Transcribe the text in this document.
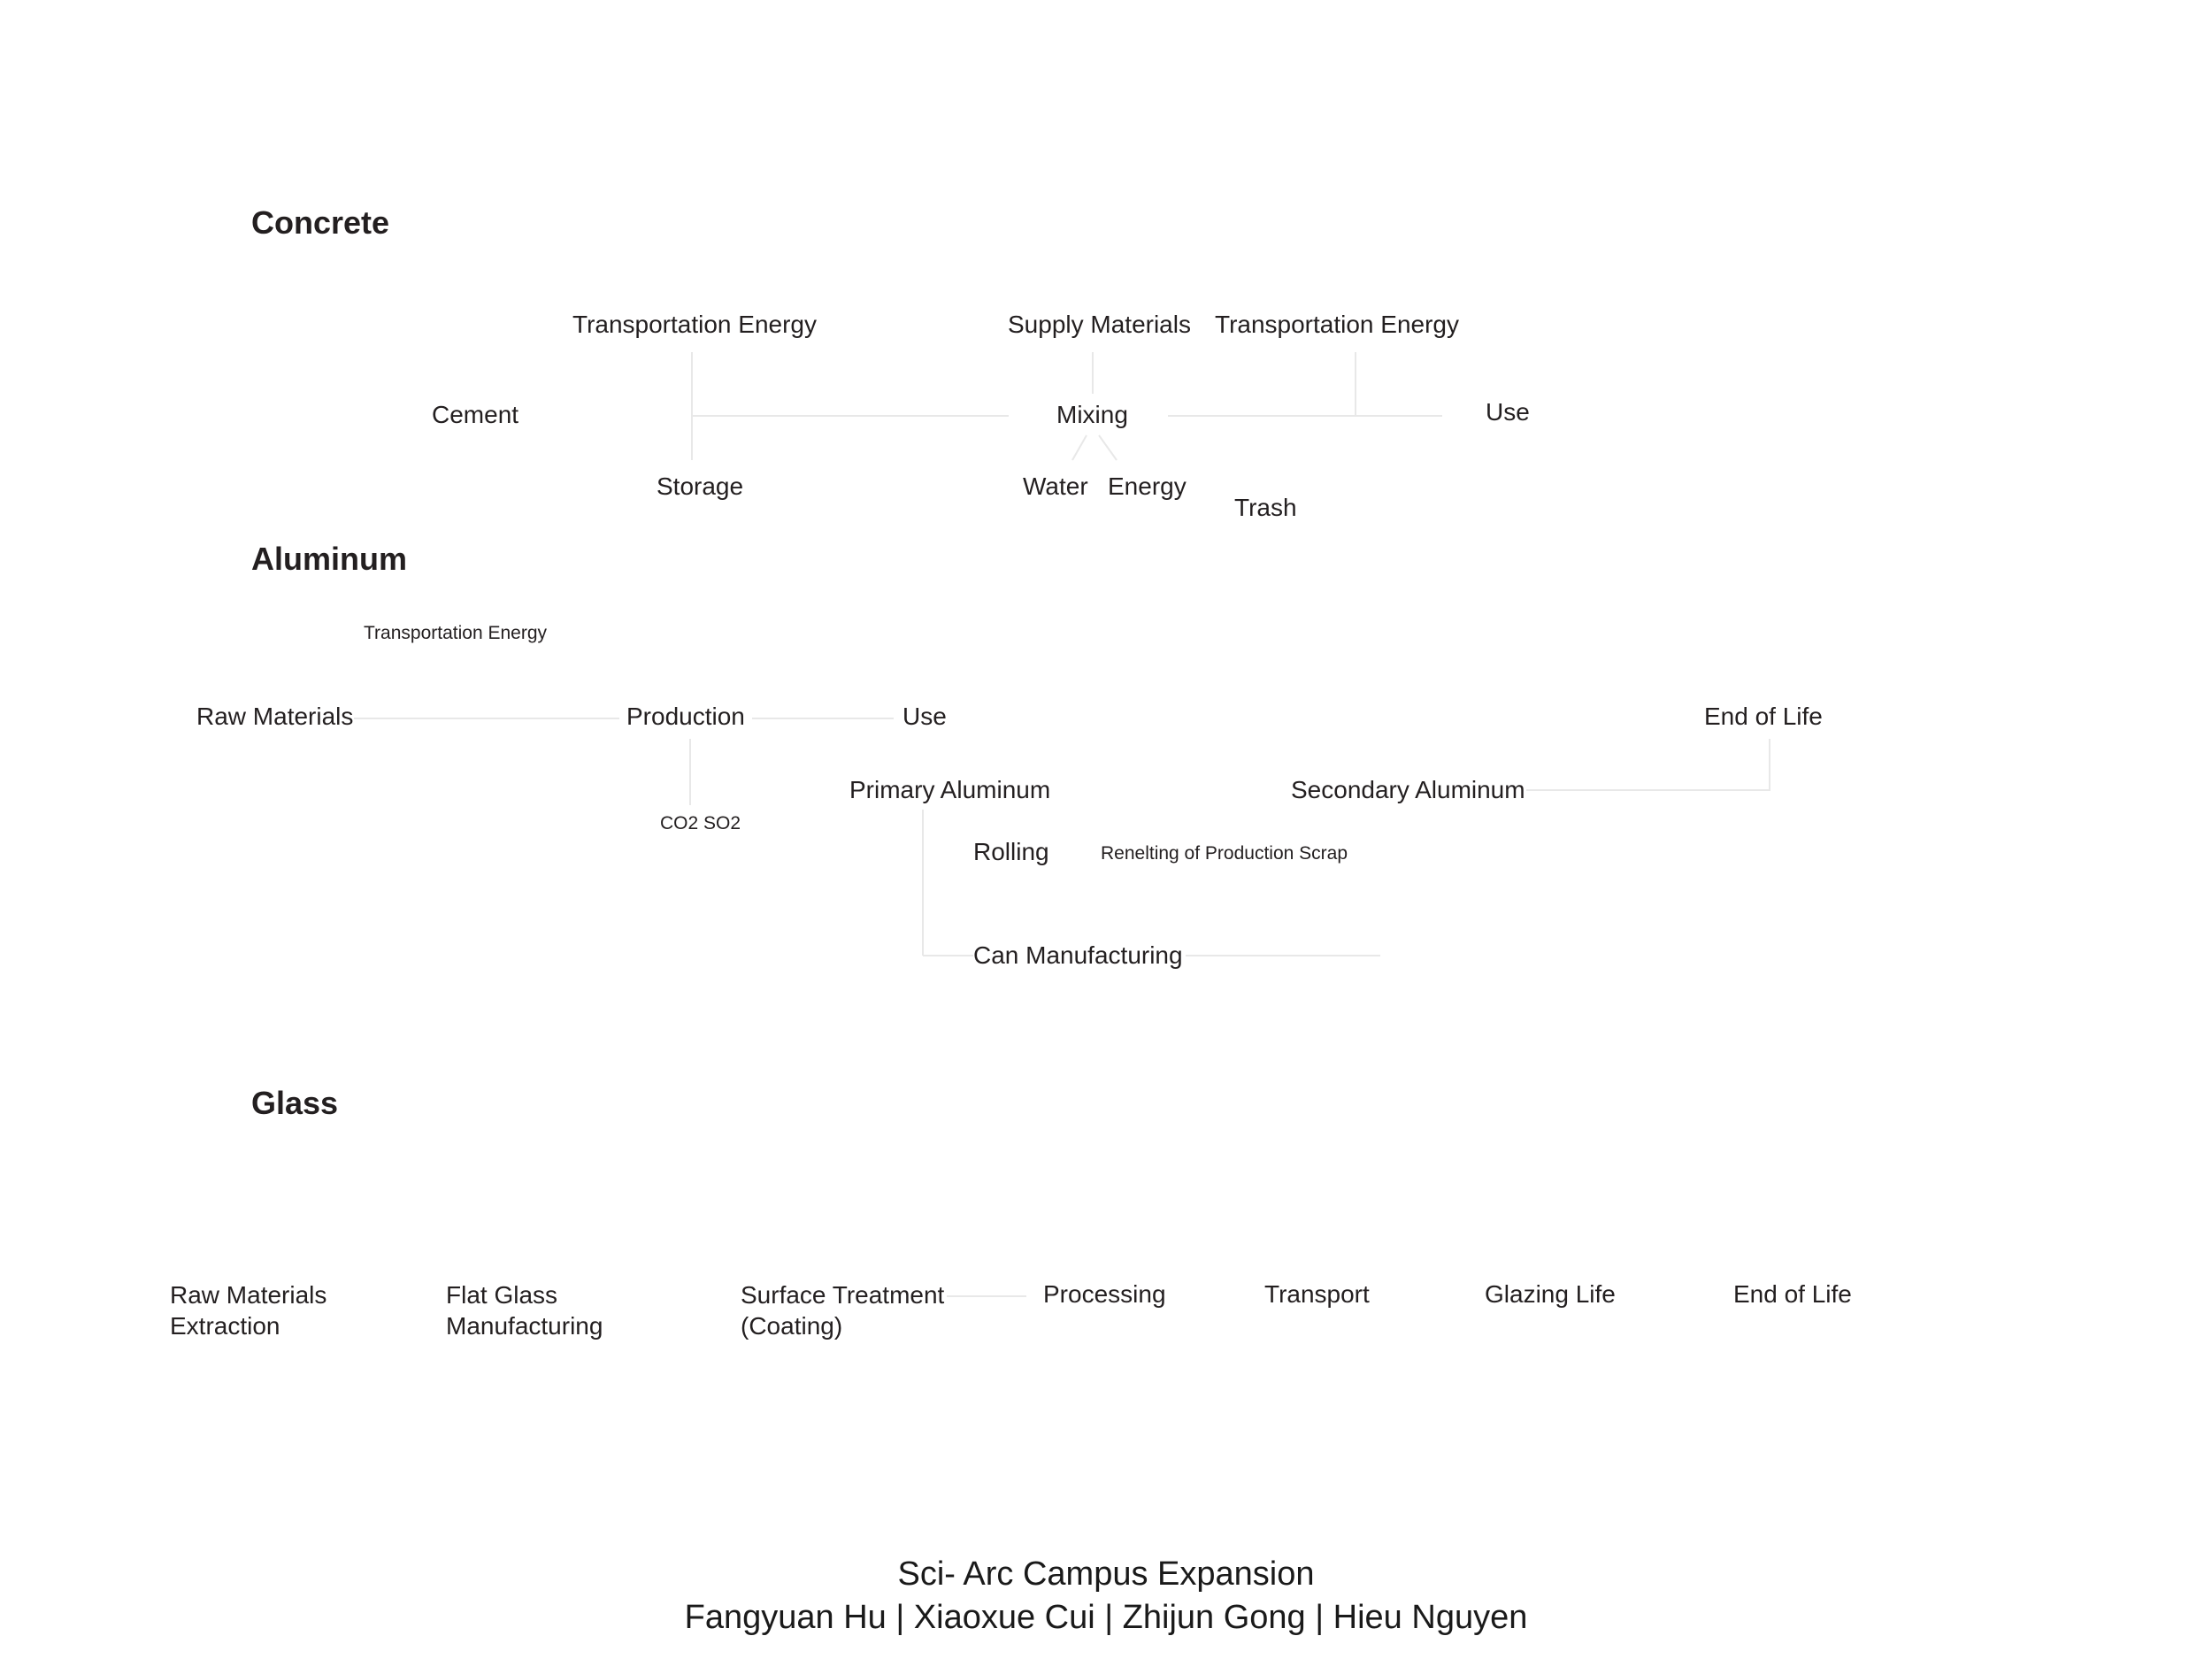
Concrete
Transportation Energy	Supply Materials Transportation Energy
Cement	Mixing	Use
Storage	Water Energy
Trash
Aluminum
Transportation Energy
Raw Materials	Production	Use	End of Life
Primary Aluminum	Secondary Aluminum
CO2 SO2
Rolling	Renelting of Production Scrap
Can Manufacturing
Glass
Raw Materials
Extraction
Flat Glass
Manufacturing
Surface Treatment
(Coating)
Processing	Transport	Glazing Life	End of Life
Sci- Arc Campus Expansion
Fangyuan Hu | Xiaoxue Cui | Zhijun Gong | Hieu Nguyen
